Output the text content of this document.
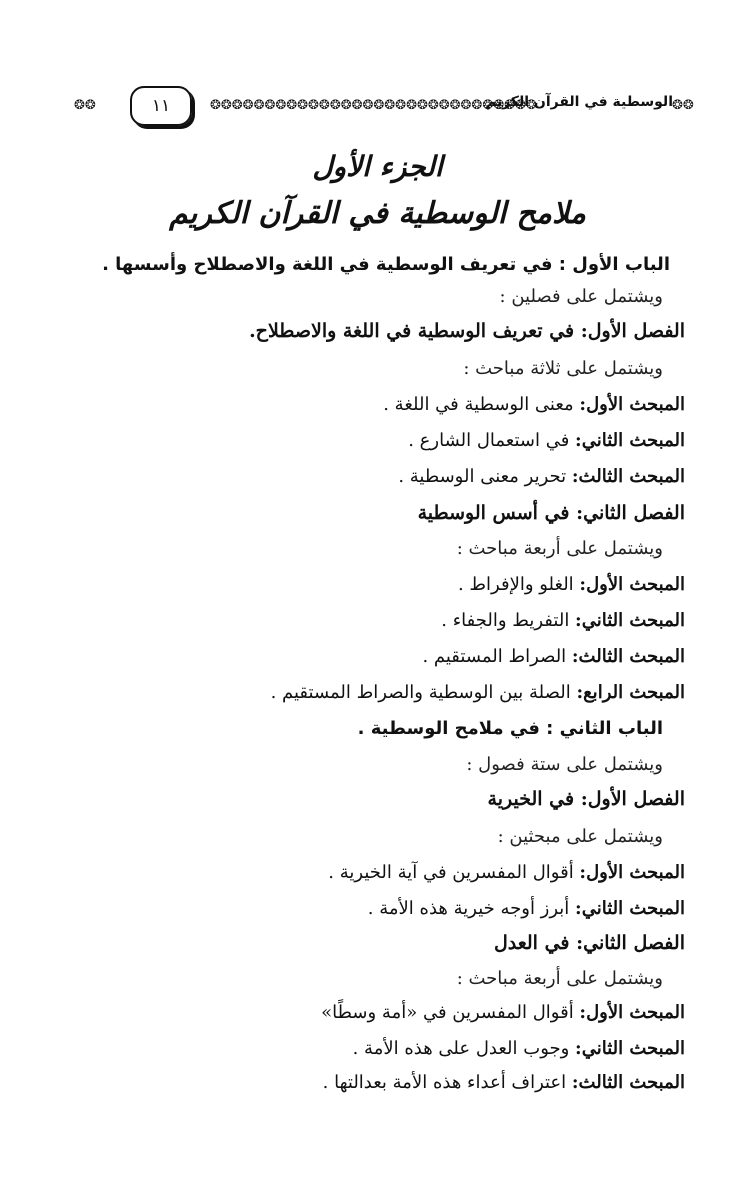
❂❂	١١	❂❂❂❂❂❂❂❂❂❂❂❂❂❂❂❂❂❂❂❂❂❂❂❂❂❂❂❂❂❂
الوسطية في القرآن الكريم ❂❂
الجزء الأول
ملامح الوسطية في القرآن الكريم
الباب الأول : في تعريف الوسطية في اللغة والاصطلاح وأسسها .
ويشتمل على فصلين :
الفصل الأول: في تعريف الوسطية في اللغة والاصطلاح.
ويشتمل على ثلاثة مباحث :
المبحث الأول: معنى الوسطية في اللغة .
المبحث الثاني: في استعمال الشارع .
المبحث الثالث: تحرير معنى الوسطية .
الفصل الثاني: في أسس الوسطية
ويشتمل على أربعة مباحث :
المبحث الأول: الغلو والإفراط .
المبحث الثاني: التفريط والجفاء .
المبحث الثالث: الصراط المستقيم .
المبحث الرابع: الصلة بين الوسطية والصراط المستقيم .
الباب الثاني : في ملامح الوسطية .
ويشتمل على ستة فصول :
الفصل الأول: في الخيرية
ويشتمل على مبحثين :
المبحث الأول: أقوال المفسرين في آية الخيرية .
المبحث الثاني: أبرز أوجه خيرية هذه الأمة .
الفصل الثاني: في العدل
ويشتمل على أربعة مباحث :
المبحث الأول: أقوال المفسرين في «أمة وسطًا»
المبحث الثاني: وجوب العدل على هذه الأمة .
المبحث الثالث: اعتراف أعداء هذه الأمة بعدالتها .
